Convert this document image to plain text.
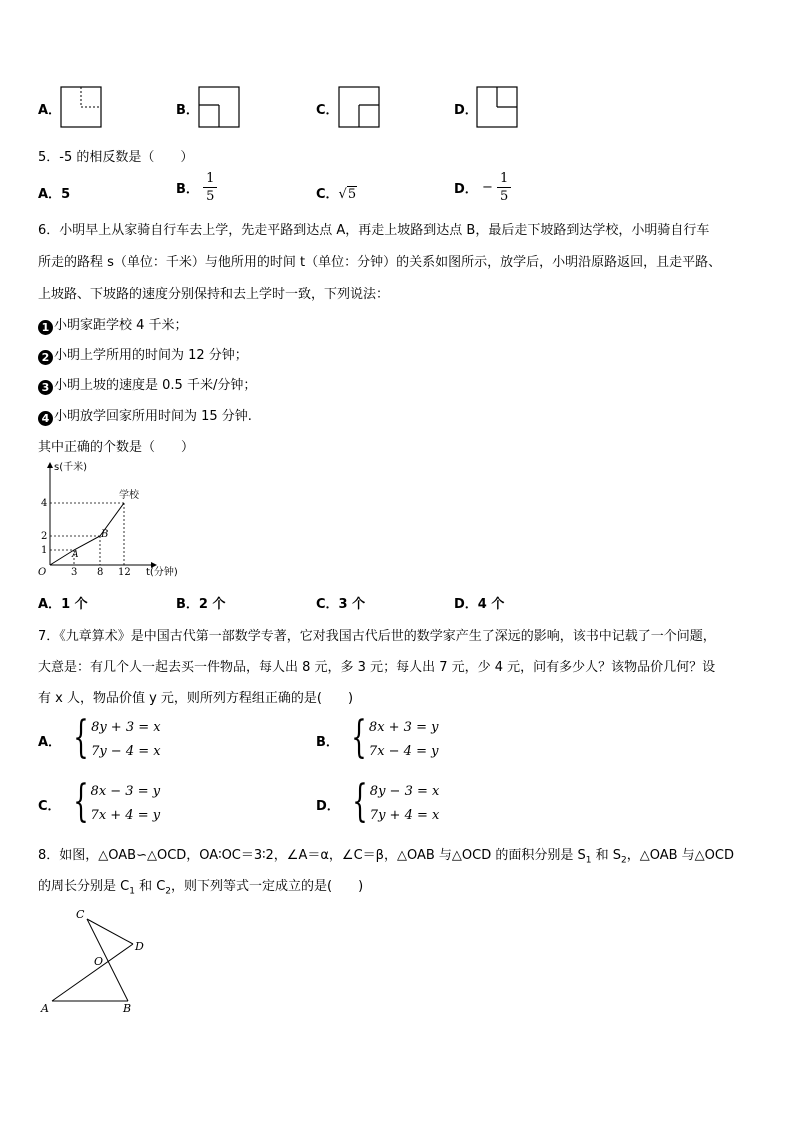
A．	B．	C．	D．
5．-5 的相反数是（　　）
A．5	B． $\frac{1}{5}$	C．√5	D． − $\frac{1}{5}$
6．小明早上从家骑自行车去上学，先走平路到达点 A，再走上坡路到达点 B，最后走下坡路到达学校，小明骑自行车
所走的路程 s（单位：千米）与他所用的时间 t（单位：分钟）的关系如图所示，放学后，小明沿原路返回，且走平路、
上坡路、下坡路的速度分别保持和去上学时一致，下列说法：
1 小明家距学校 4 千米；
2 小明上学所用的时间为 12 分钟；
3 小明上坡的速度是 0.5 千米/分钟；
4 小明放学回家所用时间为 15 分钟.
其中正确的个数是（　　）
s(千米)
t(分钟)
O
学校
A
B
4
2
1
3 8 12
A．1 个	B．2 个	C．3 个	D．4 个
7．《九章算术》是中国古代第一部数学专著，它对我国古代后世的数学家产生了深远的影响，该书中记载了一个问题，
大意是：有几个人一起去买一件物品，每人出 8 元，多 3 元；每人出 7 元，少 4 元，问有多少人？该物品价几何？设
有 x 人，物品价值 y 元，则所列方程组正确的是(　　)
A． { 8y + 3 = x
7y − 4 = x
B． { 8x + 3 = y
7x − 4 = y
C． { 8x − 3 = y
7x + 4 = y
D． { 8y − 3 = x
7y + 4 = x
8．如图，△OAB∽△OCD，OA∶OC＝3∶2，∠A＝α，∠C＝β，△OAB 与△OCD 的面积分别是 $S_1$ 和 $S_2$，△OAB 与△OCD
的周长分别是 $C_1$ 和 $C_2$，则下列等式一定成立的是(　　)
C
D
O
A	B
